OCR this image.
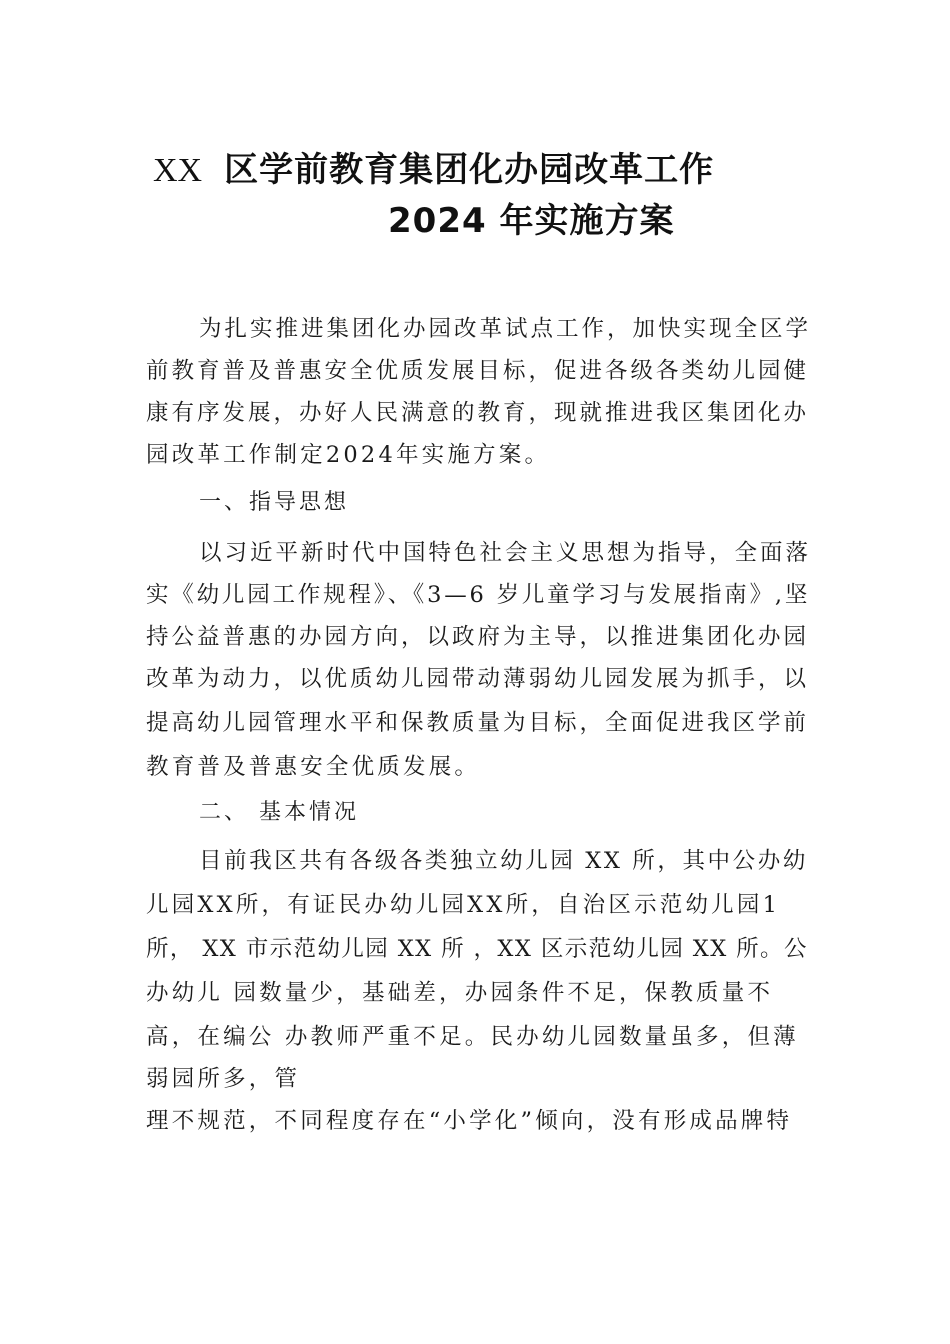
XX 区学前教育集团化办园改革工作
2024 年实施方案
为扎实推进集团化办园改革试点工作，加快实现全区学
前教育普及普惠安全优质发展目标，促进各级各类幼儿园健
康有序发展，办好人民满意的教育，现就推进我区集团化办
园改革工作制定2024年实施方案。
一、指导思想
以习近平新时代中国特色社会主义思想为指导，全面落
实《幼儿园工作规程》、《3—6 岁儿童学习与发展指南》,坚
持公益普惠的办园方向，以政府为主导，以推进集团化办园
改革为动力，以优质幼儿园带动薄弱幼儿园发展为抓手，以
提高幼儿园管理水平和保教质量为目标，全面促进我区学前
教育普及普惠安全优质发展。
二、 基本情况
目前我区共有各级各类独立幼儿园 XX 所，其中公办幼
儿园XX所，有证民办幼儿园XX所，自治区示范幼儿园1
所， XX 市示范幼儿园 XX 所 ，XX 区示范幼儿园 XX 所。公
办幼儿 园数量少，基础差，办园条件不足，保教质量不
高，在编公 办教师严重不足。民办幼儿园数量虽多，但薄
弱园所多，管
理不规范，不同程度存在“小学化”倾向，没有形成品牌特
